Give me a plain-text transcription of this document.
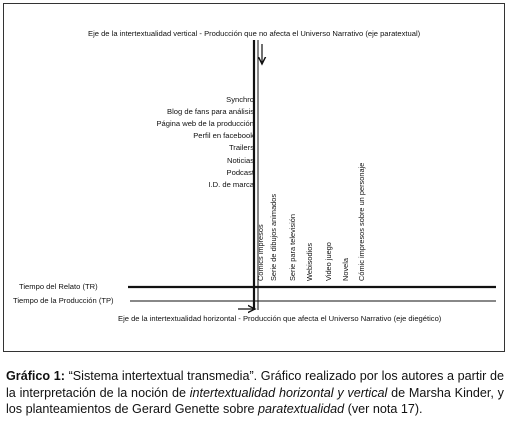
Eje de la intertextualidad vertical - Producción que no afecta el Universo Narrativo (eje paratextual)
Synchro
Blog de fans para análisis
Página web de la producción
Perfil en facebook
Trailers
Noticias
Podcast
I.D. de marca
Cómics impresos Serie de dibujos animados Serie para televisión Webisodios Video juego Novela Cómic impresos sobre un personaje
Tiempo del Relato (TR)
Tiempo de la Producción (TP)
Eje de la intertextualidad horizontal - Producción que afecta el Universo Narrativo (eje diegético)
Gráfico 1: “Sistema intertextual transmedia”. Gráfico realizado por los autores a partir de la interpretación de la noción de intertextualidad horizontal y vertical de Marsha Kinder, y los planteamientos de Gerard Genette sobre paratextualidad (ver nota 17).
